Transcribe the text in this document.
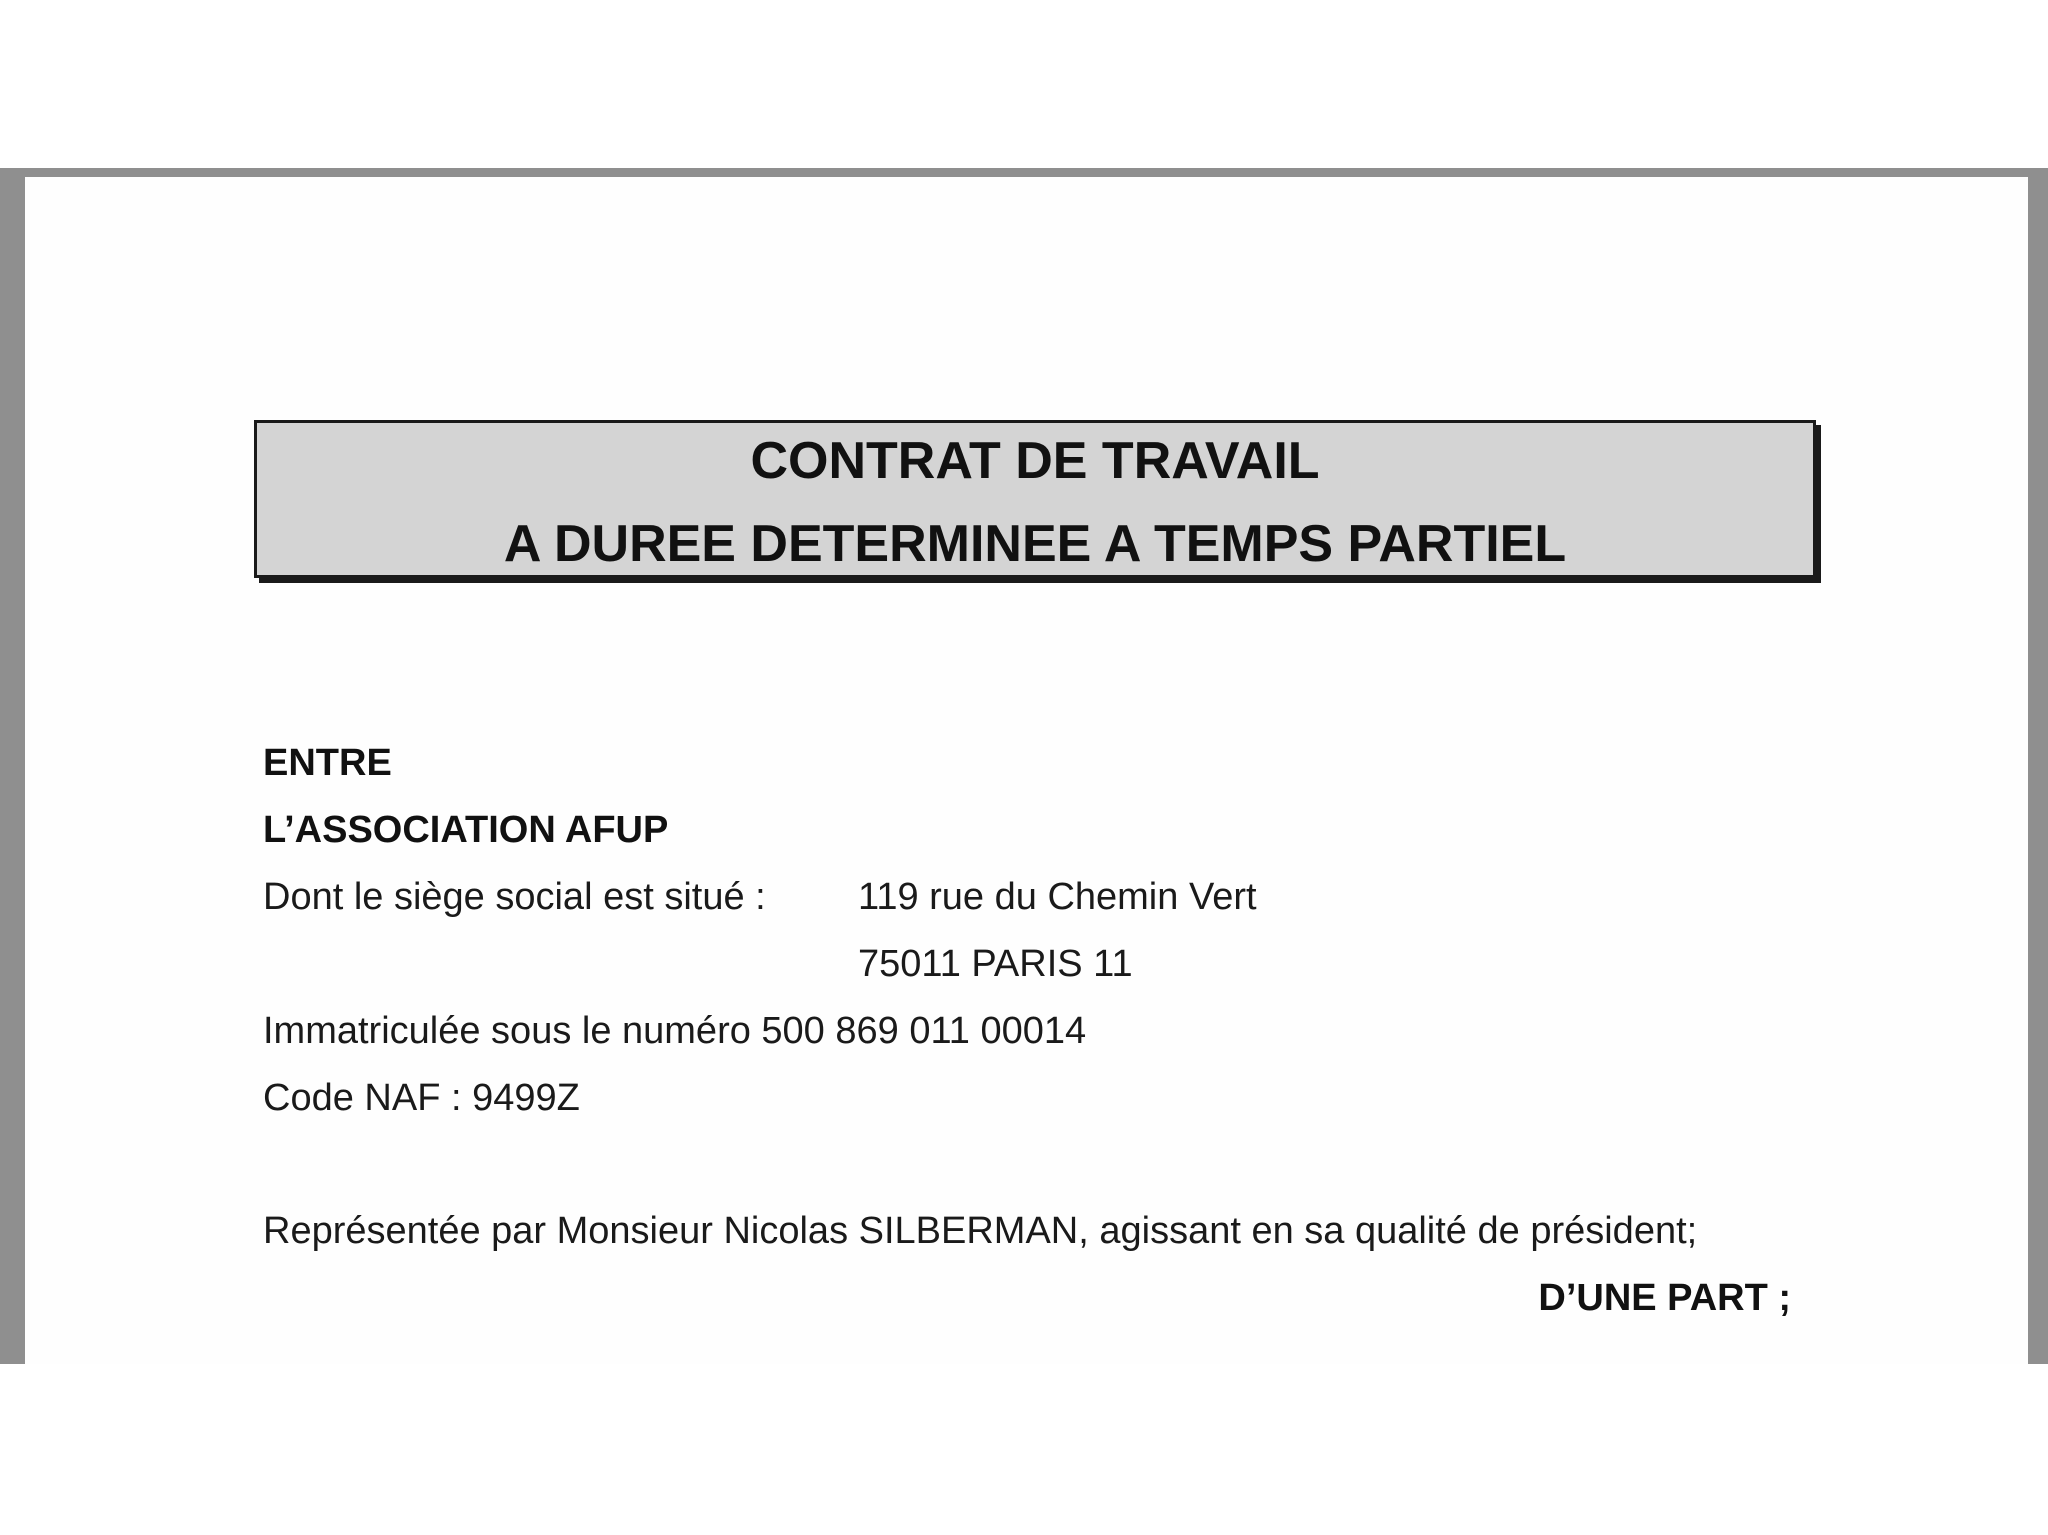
CONTRAT DE TRAVAIL
A DUREE DETERMINEE A TEMPS PARTIEL
ENTRE
L’ASSOCIATION AFUP
Dont le siège social est situé : 119 rue du Chemin Vert
75011 PARIS 11
Immatriculée sous le numéro 500 869 011 00014
Code NAF : 9499Z
Représentée par Monsieur Nicolas SILBERMAN, agissant en sa qualité de président;
D’UNE PART ;
